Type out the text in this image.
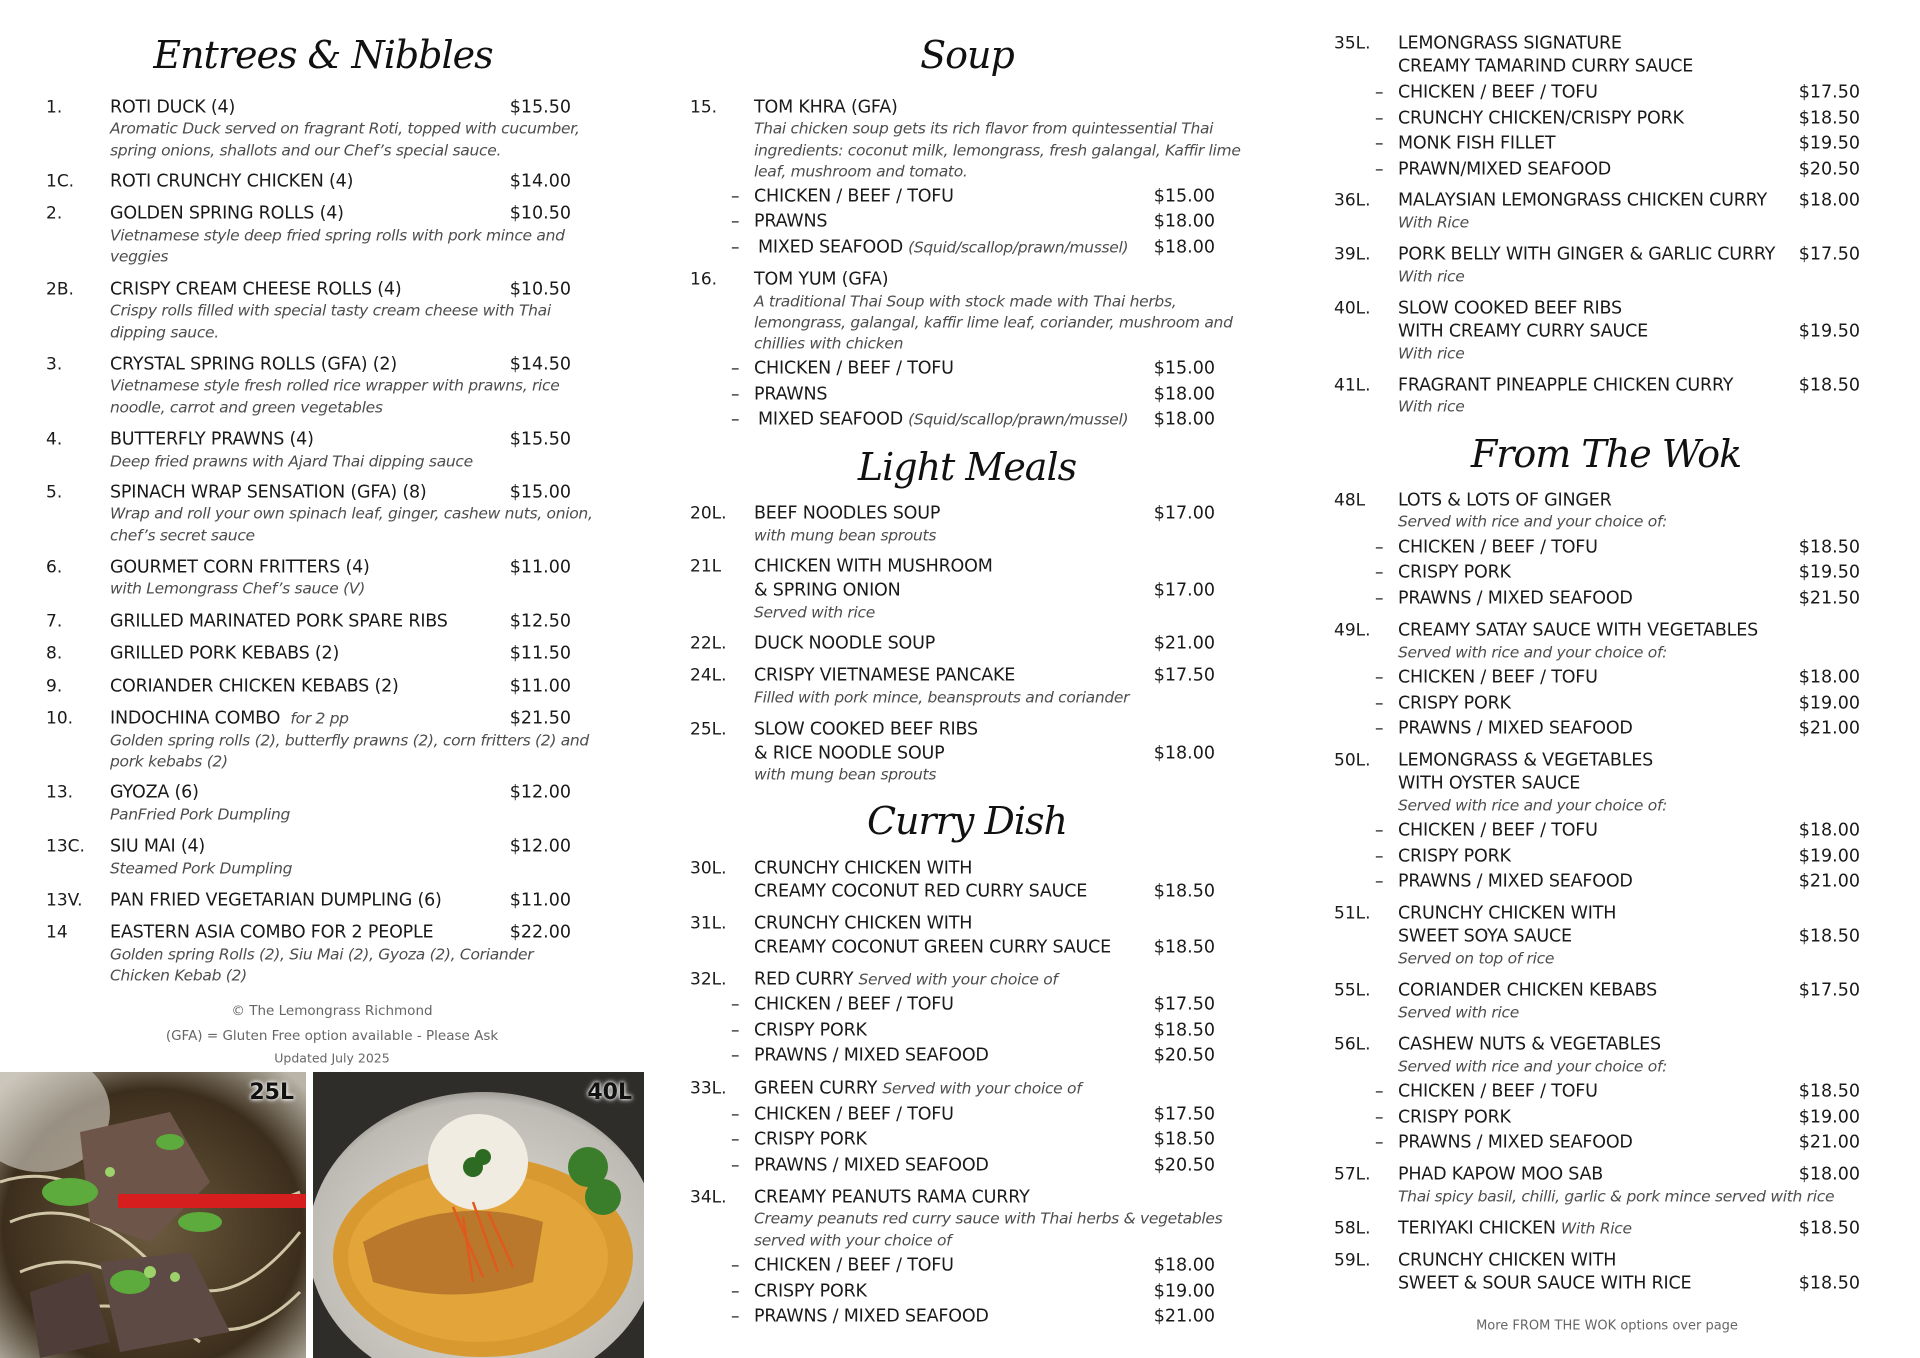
Entrees & Nibbles
1.	ROTI DUCK (4)	$15.50
Aromatic Duck served on fragrant Roti, topped with cucumber,
spring onions, shallots and our Chef’s special sauce.
1C. ROTI CRUNCHY CHICKEN (4)	$14.00
2.	GOLDEN SPRING ROLLS (4)	$10.50
Vietnamese style deep fried spring rolls with pork mince and
veggies
2B. CRISPY CREAM CHEESE ROLLS (4)	$10.50
Crispy rolls filled with special tasty cream cheese with Thai
dipping sauce.
3.	CRYSTAL SPRING ROLLS (GFA) (2)	$14.50
Vietnamese style fresh rolled rice wrapper with prawns, rice
noodle, carrot and green vegetables
4.	BUTTERFLY PRAWNS (4)	$15.50
Deep fried prawns with Ajard Thai dipping sauce
5.	SPINACH WRAP SENSATION (GFA) (8)	$15.00
Wrap and roll your own spinach leaf, ginger, cashew nuts, onion,
chef’s secret sauce
6.	GOURMET CORN FRITTERS (4)	$11.00
with Lemongrass Chef’s sauce (V)
7.	GRILLED MARINATED PORK SPARE RIBS	$12.50
8.	GRILLED PORK KEBABS (2)	$11.50
9.	CORIANDER CHICKEN KEBABS (2)	$11.00
10. INDOCHINA COMBO for 2 pp	$21.50
Golden spring rolls (2), butterfly prawns (2), corn fritters (2) and
pork kebabs (2)
13. GYOZA (6)	$12.00
PanFried Pork Dumpling
13C. SIU MAI (4)	$12.00
Steamed Pork Dumpling
13V. PAN FRIED VEGETARIAN DUMPLING (6)	$11.00
14 EASTERN ASIA COMBO FOR 2 PEOPLE	$22.00
Golden spring Rolls (2), Siu Mai (2), Gyoza (2), Coriander
Chicken Kebab (2)
© The Lemongrass Richmond
(GFA) = Gluten Free option available - Please Ask
Updated July 2025
25L	40L
Soup
15. TOM KHRA (GFA)
Thai chicken soup gets its rich flavor from quintessential Thai
ingredients: coconut milk, lemongrass, fresh galangal, Kaffir lime
leaf, mushroom and tomato.
– CHICKEN / BEEF / TOFU	$15.00
– PRAWNS	$18.00
– MIXED SEAFOOD (Squid/scallop/prawn/mussel) $18.00
16. TOM YUM (GFA)
A traditional Thai Soup with stock made with Thai herbs,
lemongrass, galangal, kaffir lime leaf, coriander, mushroom and
chillies with chicken
– CHICKEN / BEEF / TOFU	$15.00
– PRAWNS	$18.00
– MIXED SEAFOOD (Squid/scallop/prawn/mussel) $18.00
Light Meals
20L. BEEF NOODLES SOUP	$17.00
with mung bean sprouts
21L CHICKEN WITH MUSHROOM
& SPRING ONION	$17.00
Served with rice
22L. DUCK NOODLE SOUP	$21.00
24L. CRISPY VIETNAMESE PANCAKE	$17.50
Filled with pork mince, beansprouts and coriander
25L. SLOW COOKED BEEF RIBS
& RICE NOODLE SOUP	$18.00
with mung bean sprouts
Curry Dish
30L. CRUNCHY CHICKEN WITH
CREAMY COCONUT RED CURRY SAUCE	$18.50
31L. CRUNCHY CHICKEN WITH
CREAMY COCONUT GREEN CURRY SAUCE $18.50
32L. RED CURRY Served with your choice of
– CHICKEN / BEEF / TOFU	$17.50
– CRISPY PORK	$18.50
– PRAWNS / MIXED SEAFOOD	$20.50
33L. GREEN CURRY Served with your choice of
– CHICKEN / BEEF / TOFU	$17.50
– CRISPY PORK	$18.50
– PRAWNS / MIXED SEAFOOD	$20.50
34L. CREAMY PEANUTS RAMA CURRY
Creamy peanuts red curry sauce with Thai herbs & vegetables
served with your choice of
– CHICKEN / BEEF / TOFU	$18.00
– CRISPY PORK	$19.00
– PRAWNS / MIXED SEAFOOD	$21.00
35L. LEMONGRASS SIGNATURE
CREAMY TAMARIND CURRY SAUCE
– CHICKEN / BEEF / TOFU	$17.50
– CRUNCHY CHICKEN/CRISPY PORK	$18.50
– MONK FISH FILLET	$19.50
– PRAWN/MIXED SEAFOOD	$20.50
36L. MALAYSIAN LEMONGRASS CHICKEN CURRY $18.00
With Rice
39L. PORK BELLY WITH GINGER & GARLIC CURRY $17.50
With rice
40L. SLOW COOKED BEEF RIBS
WITH CREAMY CURRY SAUCE	$19.50
With rice
41L. FRAGRANT PINEAPPLE CHICKEN CURRY	$18.50
With rice
From The Wok
48L LOTS & LOTS OF GINGER
Served with rice and your choice of:
– CHICKEN / BEEF / TOFU	$18.50
– CRISPY PORK	$19.50
– PRAWNS / MIXED SEAFOOD	$21.50
49L. CREAMY SATAY SAUCE WITH VEGETABLES
Served with rice and your choice of:
– CHICKEN / BEEF / TOFU	$18.00
– CRISPY PORK	$19.00
– PRAWNS / MIXED SEAFOOD	$21.00
50L. LEMONGRASS & VEGETABLES
WITH OYSTER SAUCE
Served with rice and your choice of:
– CHICKEN / BEEF / TOFU	$18.00
– CRISPY PORK	$19.00
– PRAWNS / MIXED SEAFOOD	$21.00
51L. CRUNCHY CHICKEN WITH
SWEET SOYA SAUCE	$18.50
Served on top of rice
55L. CORIANDER CHICKEN KEBABS	$17.50
Served with rice
56L. CASHEW NUTS & VEGETABLES
Served with rice and your choice of:
– CHICKEN / BEEF / TOFU	$18.50
– CRISPY PORK	$19.00
– PRAWNS / MIXED SEAFOOD	$21.00
57L. PHAD KAPOW MOO SAB	$18.00
Thai spicy basil, chilli, garlic & pork mince served with rice
58L. TERIYAKI CHICKEN With Rice	$18.50
59L. CRUNCHY CHICKEN WITH
SWEET & SOUR SAUCE WITH RICE	$18.50
More FROM THE WOK options over page
